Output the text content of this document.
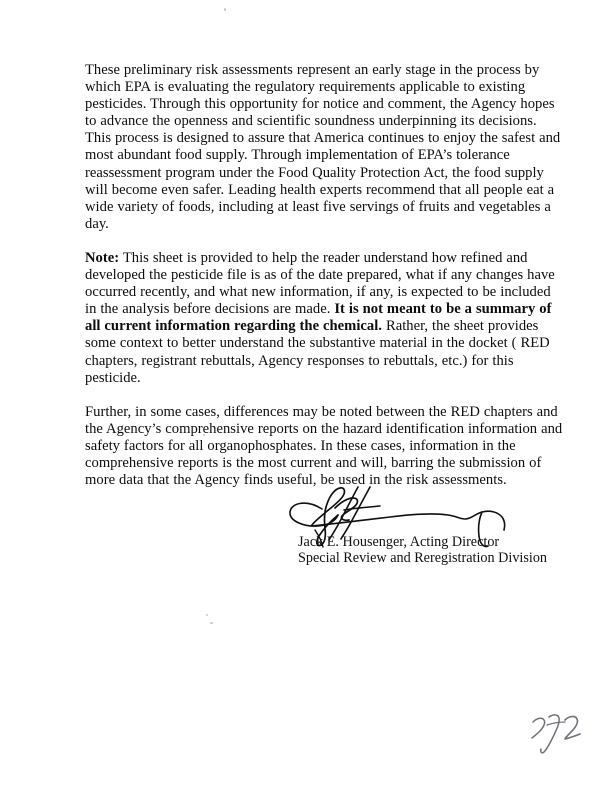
These preliminary risk assessments represent an early stage in the process by which EPA is evaluating the regulatory requirements applicable to existing pesticides. Through this opportunity for notice and comment, the Agency hopes to advance the openness and scientific soundness underpinning its decisions. This process is designed to assure that America continues to enjoy the safest and most abundant food supply. Through implementation of EPA’s tolerance reassessment program under the Food Quality Protection Act, the food supply will become even safer. Leading health experts recommend that all people eat a wide variety of foods, including at least five servings of fruits and vegetables a day.

Note: This sheet is provided to help the reader understand how refined and developed the pesticide file is as of the date prepared, what if any changes have occurred recently, and what new information, if any, is expected to be included in the analysis before decisions are made. It is not meant to be a summary of all current information regarding the chemical. Rather, the sheet provides some context to better understand the substantive material in the docket ( RED chapters, registrant rebuttals, Agency responses to rebuttals, etc.) for this pesticide.

Further, in some cases, differences may be noted between the RED chapters and the Agency’s comprehensive reports on the hazard identification information and safety factors for all organophosphates. In these cases, information in the comprehensive reports is the most current and will, barring the submission of more data that the Agency finds useful, be used in the risk assessments.

Jack E. Housenger, Acting Director
Special Review and Reregistration Division
